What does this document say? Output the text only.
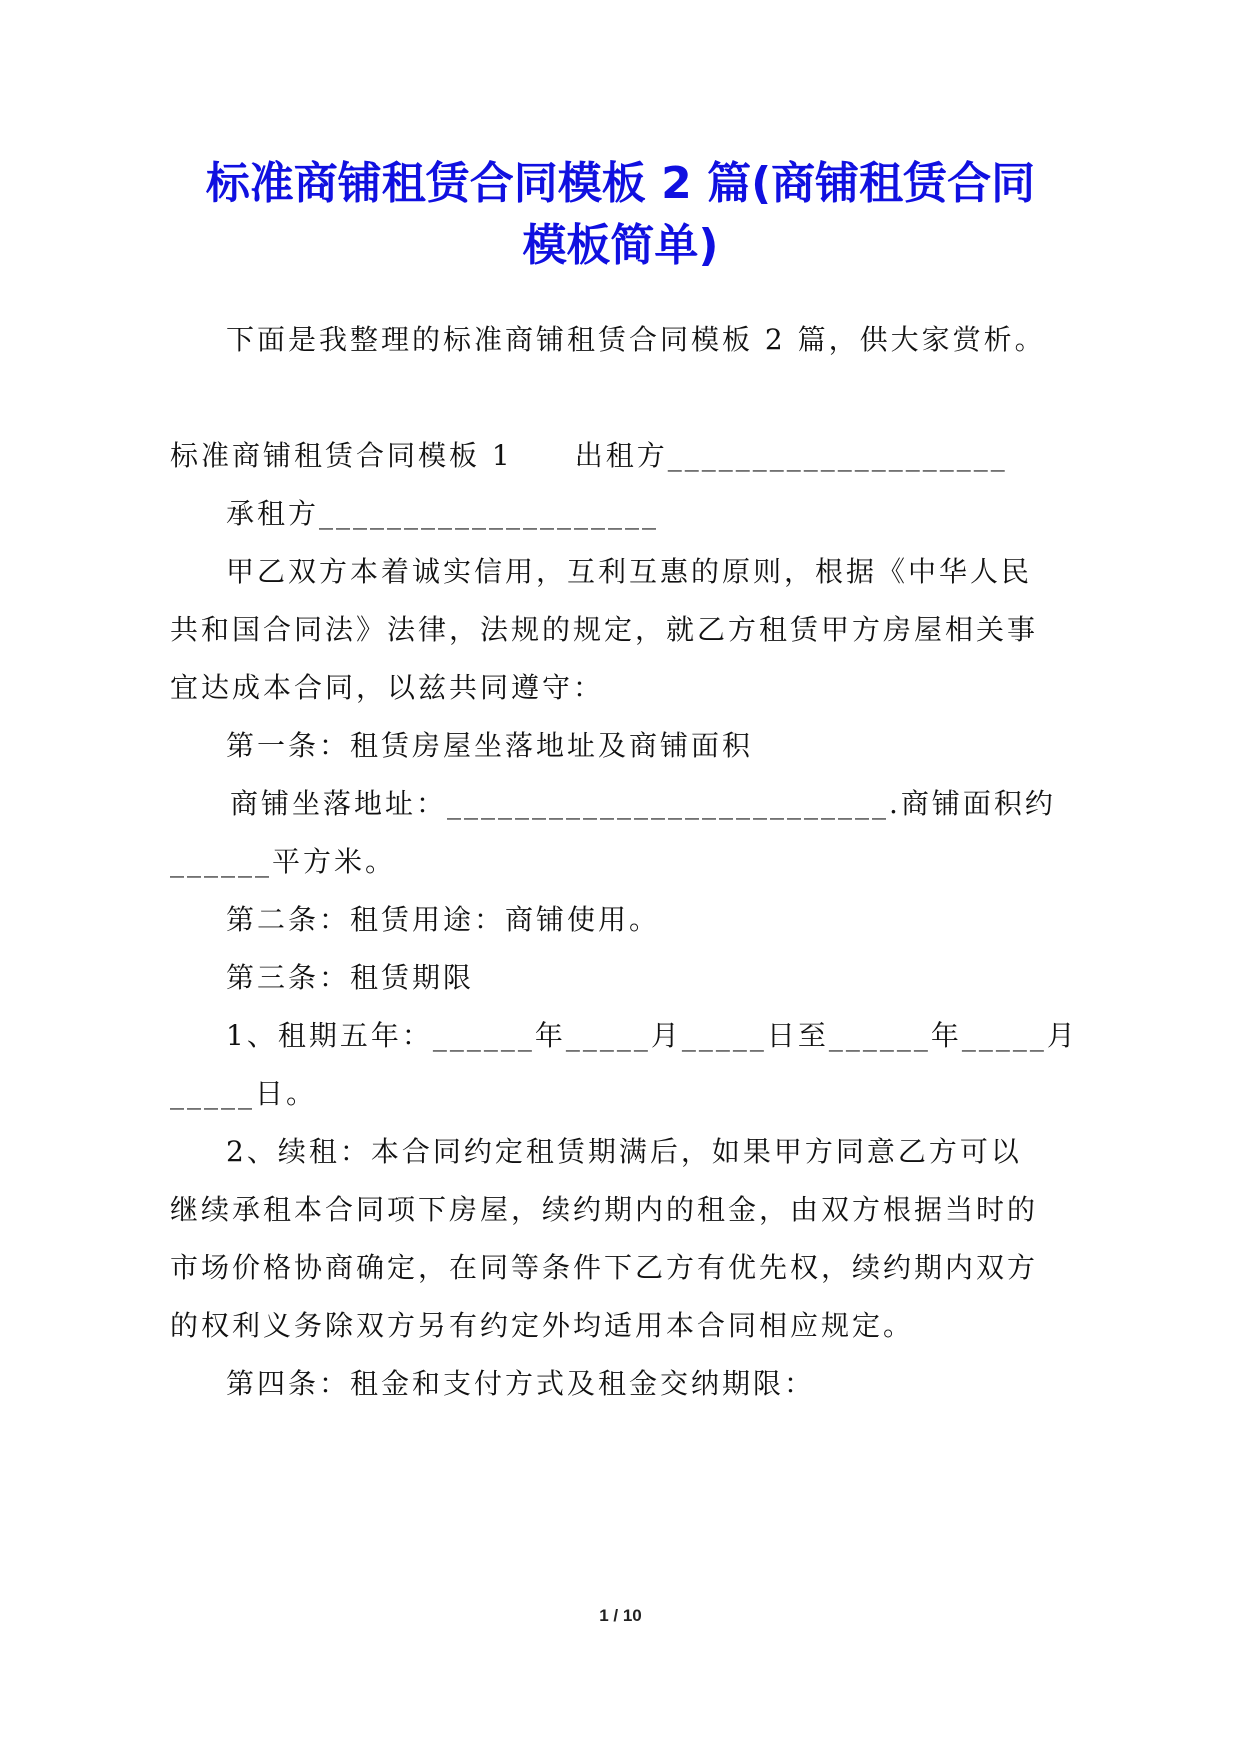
标准商铺租赁合同模板 2 篇(商铺租赁合同
模板简单)

下面是我整理的标准商铺租赁合同模板 2 篇，供大家赏析。

标准商铺租赁合同模板 1　　出租方____________________

承租方____________________

甲乙双方本着诚实信用，互利互惠的原则，根据《中华人民

共和国合同法》法律，法规的规定，就乙方租赁甲方房屋相关事

宜达成本合同，以兹共同遵守：

第一条：租赁房屋坐落地址及商铺面积

商铺坐落地址：__________________________.商铺面积约

______平方米。

第二条：租赁用途：商铺使用。

第三条：租赁期限

1、租期五年：______年_____月_____日至______年_____月

_____日。

2、续租：本合同约定租赁期满后，如果甲方同意乙方可以

继续承租本合同项下房屋，续约期内的租金，由双方根据当时的

市场价格协商确定，在同等条件下乙方有优先权，续约期内双方

的权利义务除双方另有约定外均适用本合同相应规定。

第四条：租金和支付方式及租金交纳期限：

1 / 10
